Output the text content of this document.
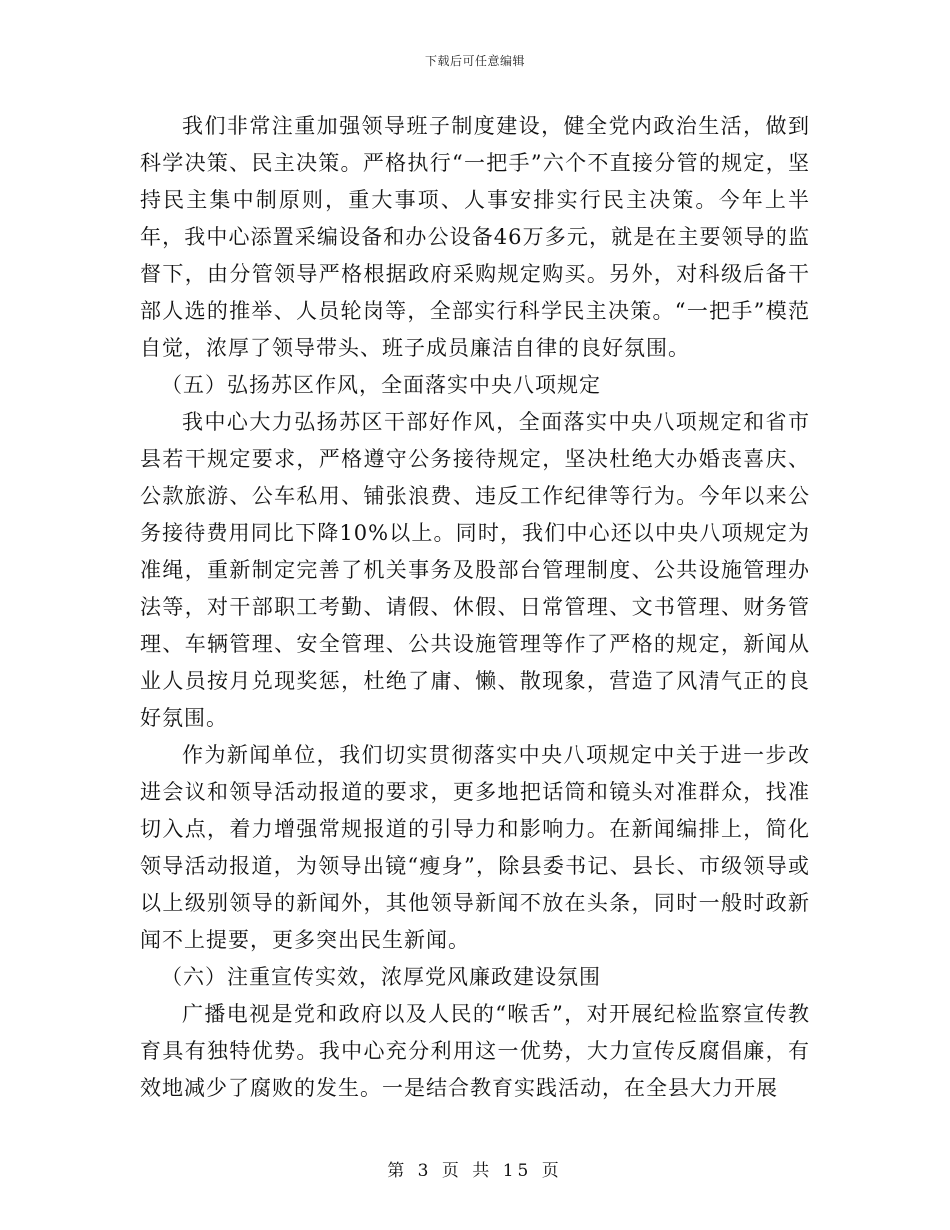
下载后可任意编辑

我们非常注重加强领导班子制度建设，健全党内政治生活，做到科学决策、民主决策。严格执行“一把手”六个不直接分管的规定，坚持民主集中制原则，重大事项、人事安排实行民主决策。今年上半年，我中心添置采编设备和办公设备46万多元，就是在主要领导的监督下，由分管领导严格根据政府采购规定购买。另外，对科级后备干部人选的推举、人员轮岗等，全部实行科学民主决策。“一把手”模范自觉，浓厚了领导带头、班子成员廉洁自律的良好氛围。

（五）弘扬苏区作风，全面落实中央八项规定

我中心大力弘扬苏区干部好作风，全面落实中央八项规定和省市县若干规定要求，严格遵守公务接待规定，坚决杜绝大办婚丧喜庆、公款旅游、公车私用、铺张浪费、违反工作纪律等行为。今年以来公务接待费用同比下降10%以上。同时，我们中心还以中央八项规定为准绳，重新制定完善了机关事务及股部台管理制度、公共设施管理办法等，对干部职工考勤、请假、休假、日常管理、文书管理、财务管理、车辆管理、安全管理、公共设施管理等作了严格的规定，新闻从业人员按月兑现奖惩，杜绝了庸、懒、散现象，营造了风清气正的良好氛围。

作为新闻单位，我们切实贯彻落实中央八项规定中关于进一步改进会议和领导活动报道的要求，更多地把话筒和镜头对准群众，找准切入点，着力增强常规报道的引导力和影响力。在新闻编排上，简化领导活动报道，为领导出镜“瘦身”，除县委书记、县长、市级领导或以上级别领导的新闻外，其他领导新闻不放在头条，同时一般时政新闻不上提要，更多突出民生新闻。

（六）注重宣传实效，浓厚党风廉政建设氛围

广播电视是党和政府以及人民的“喉舌”，对开展纪检监察宣传教育具有独特优势。我中心充分利用这一优势，大力宣传反腐倡廉，有效地减少了腐败的发生。一是结合教育实践活动，在全县大力开展

第 3 页 共 15 页
